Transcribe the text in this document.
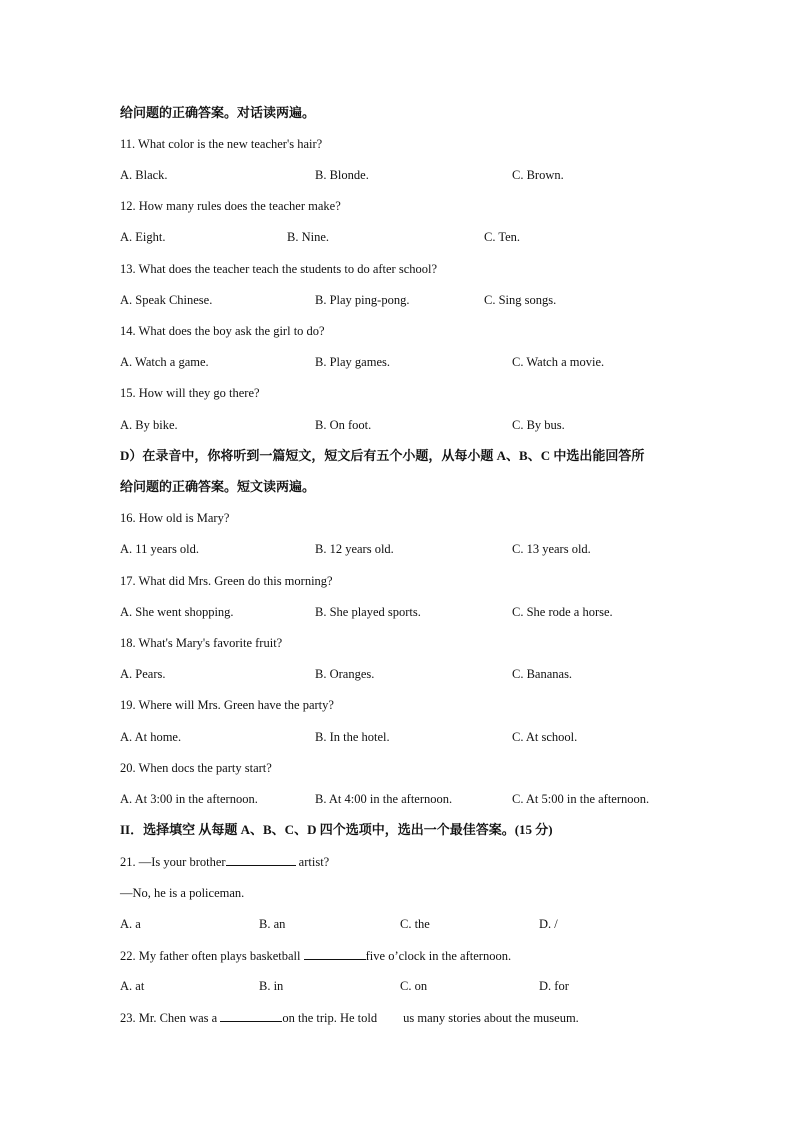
给问题的正确答案。对话读两遍。
11. What color is the new teacher's hair?
A. Black.	B. Blonde.	C. Brown.
12. How many rules does the teacher make?
A. Eight.	B. Nine.	C. Ten.
13. What does the teacher teach the students to do after school?
A. Speak Chinese.	B. Play ping-pong.	C. Sing songs.
14. What does the boy ask the girl to do?
A. Watch a game.	B. Play games.	C. Watch a movie.
15. How will they go there?
A. By bike.	B. On foot.	C. By bus.
D）在录音中，你将听到一篇短文，短文后有五个小题，从每小题 A、B、C 中选出能回答所
给问题的正确答案。短文读两遍。
16. How old is Mary?
A. 11 years old.	B. 12 years old.	C. 13 years old.
17. What did Mrs. Green do this morning?
A. She went shopping.	B. She played sports.	C. She rode a horse.
18. What's Mary's favorite fruit?
A. Pears.	B. Oranges.	C. Bananas.
19. Where will Mrs. Green have the party?
A. At home.	B. In the hotel.	C. At school.
20. When docs the party start?
A. At 3:00 in the afternoon.	B. At 4:00 in the afternoon.	C. At 5:00 in the afternoon.
II．选择填空 从每题 A、B、C、D 四个选项中，选出一个最佳答案。(15 分)
21. —Is your brother	artist?
—No, he is a policeman.
A. a	B. an	C. the	D. /
22. My father often plays basketball	five o’clock in the afternoon.
A. at	B. in	C. on	D. for
23. Mr. Chen was a	on the trip. He told us many stories about the museum.
